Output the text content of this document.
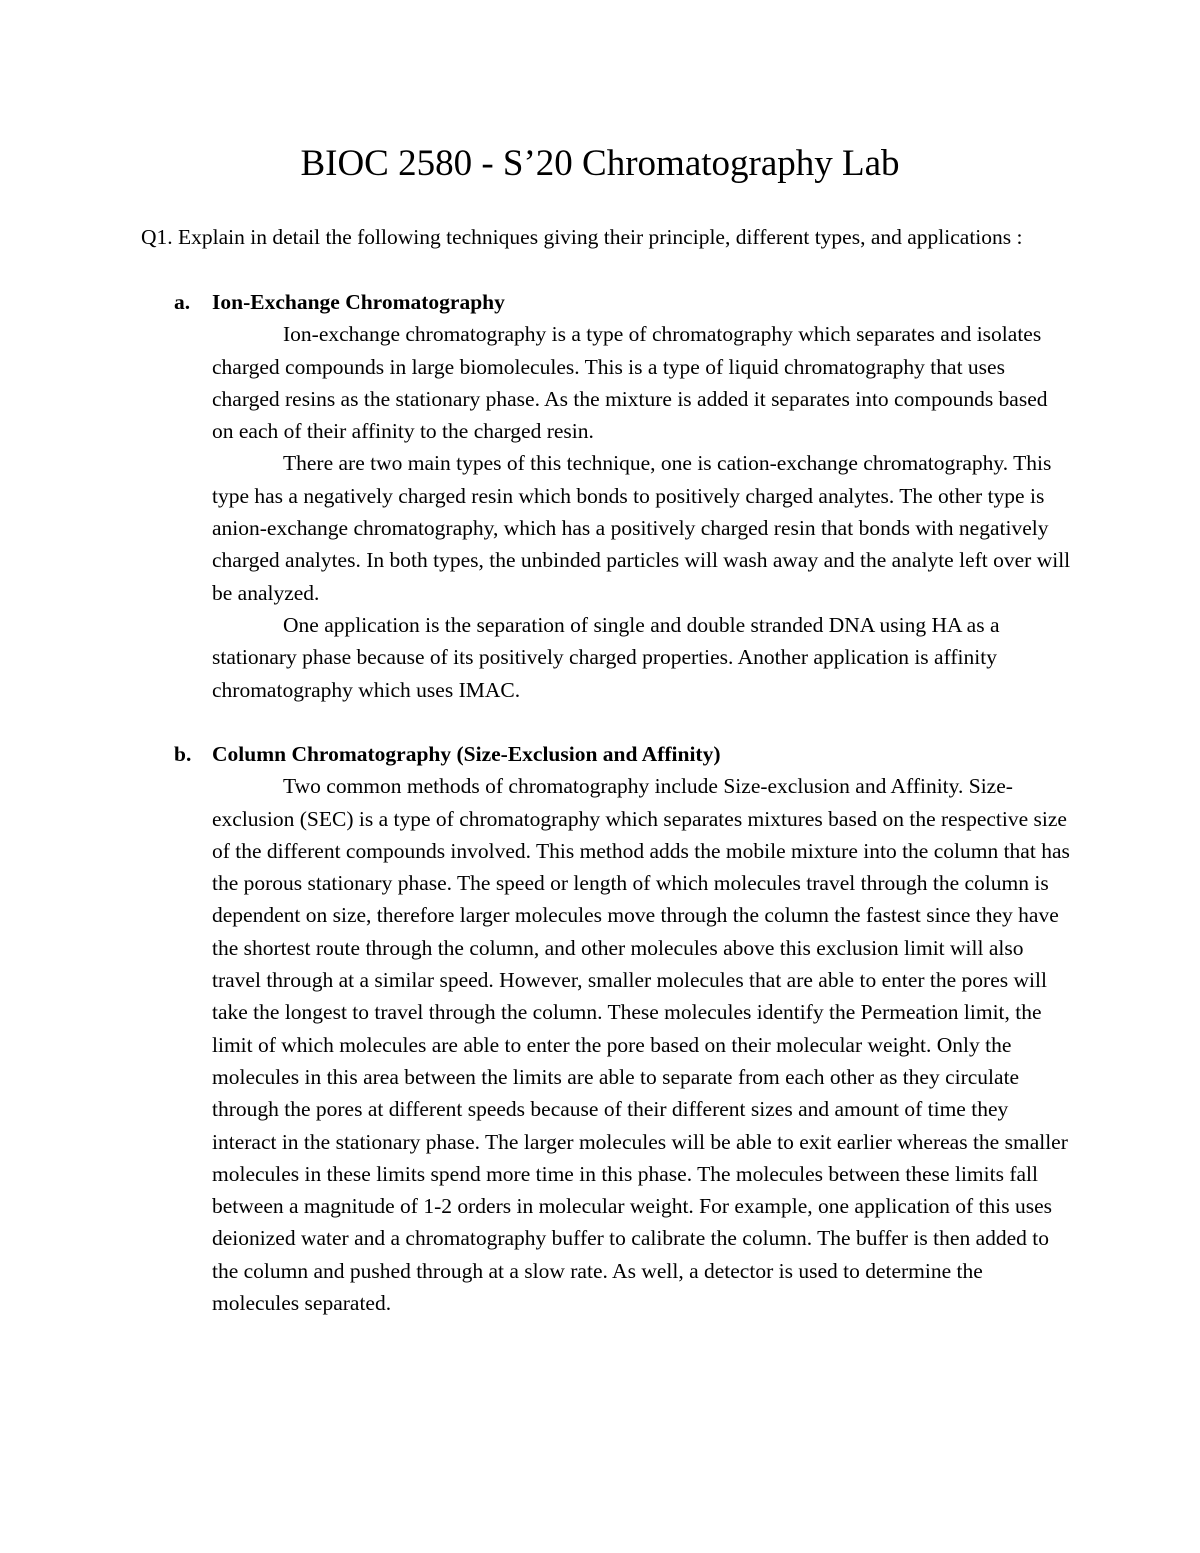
BIOC 2580 - S’20 Chromatography Lab

Q1. Explain in detail the following techniques giving their principle, different types, and applications :

a. Ion-Exchange Chromatography

Ion-exchange chromatography is a type of chromatography which separates and isolates charged compounds in large biomolecules. This is a type of liquid chromatography that uses charged resins as the stationary phase. As the mixture is added it separates into compounds based on each of their affinity to the charged resin.

There are two main types of this technique, one is cation-exchange chromatography. This type has a negatively charged resin which bonds to positively charged analytes. The other type is anion-exchange chromatography, which has a positively charged resin that bonds with negatively charged analytes. In both types, the unbinded particles will wash away and the analyte left over will be analyzed.

One application is the separation of single and double stranded DNA using HA as a stationary phase because of its positively charged properties. Another application is affinity chromatography which uses IMAC.

b. Column Chromatography (Size-Exclusion and Affinity)

Two common methods of chromatography include Size-exclusion and Affinity. Size-exclusion (SEC) is a type of chromatography which separates mixtures based on the respective size of the different compounds involved. This method adds the mobile mixture into the column that has the porous stationary phase. The speed or length of which molecules travel through the column is dependent on size, therefore larger molecules move through the column the fastest since they have the shortest route through the column, and other molecules above this exclusion limit will also travel through at a similar speed. However, smaller molecules that are able to enter the pores will take the longest to travel through the column. These molecules identify the Permeation limit, the limit of which molecules are able to enter the pore based on their molecular weight. Only the molecules in this area between the limits are able to separate from each other as they circulate through the pores at different speeds because of their different sizes and amount of time they interact in the stationary phase. The larger molecules will be able to exit earlier whereas the smaller molecules in these limits spend more time in this phase. The molecules between these limits fall between a magnitude of 1-2 orders in molecular weight. For example, one application of this uses deionized water and a chromatography buffer to calibrate the column. The buffer is then added to the column and pushed through at a slow rate. As well, a detector is used to determine the molecules separated.
